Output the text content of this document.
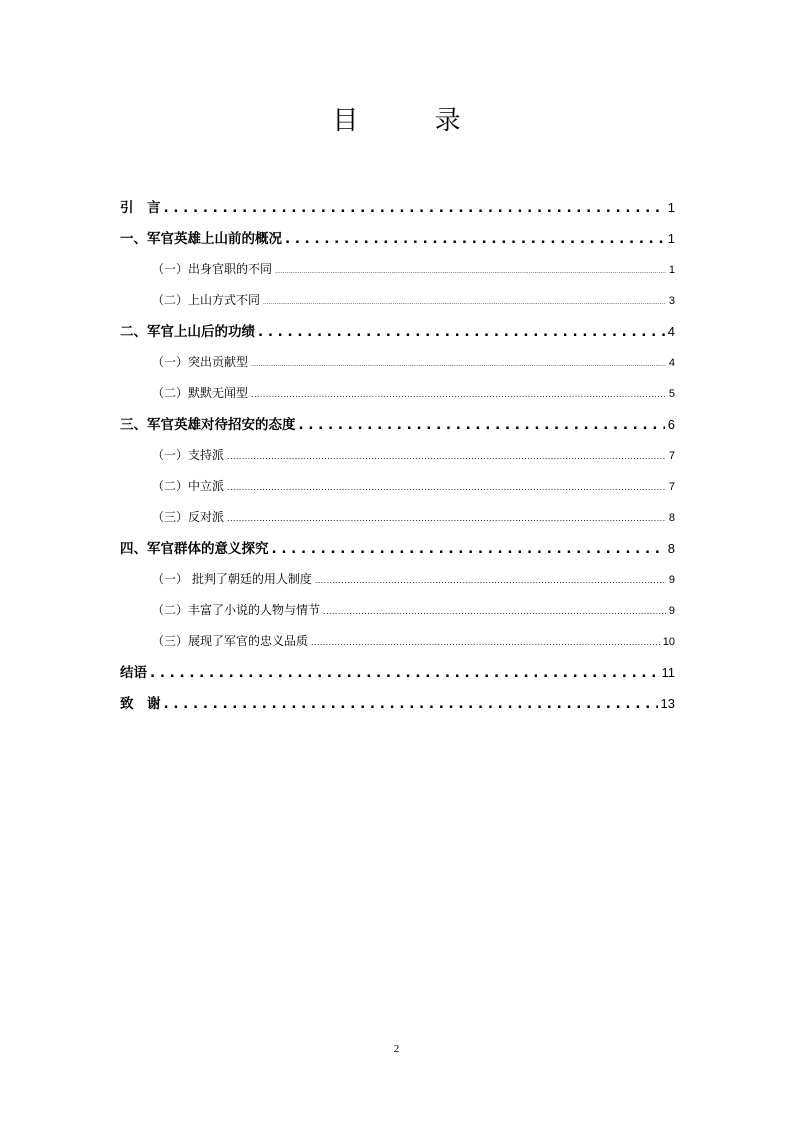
目 录
引　言 . . .	1
一、军官英雄上山前的概况 . . .	1
（一）出身官职的不同 .....	1
（二）上山方式不同 .....	3
二、军官上山后的功绩 . . .	4
（一）突出贡献型 .....	4
（二）默默无闻型 .....	5
三、军官英雄对待招安的态度 . . .	6
（一）支持派 .....	7
（二）中立派 .....	7
（三）反对派 .....	8
四、军官群体的意义探究 . . .	8
（一） 批判了朝廷的用人制度 .....	9
（二）丰富了小说的人物与情节 .....	9
（三）展现了军官的忠义品质 .....	10
结语 . . .	11
致　谢 . . .	13
2
